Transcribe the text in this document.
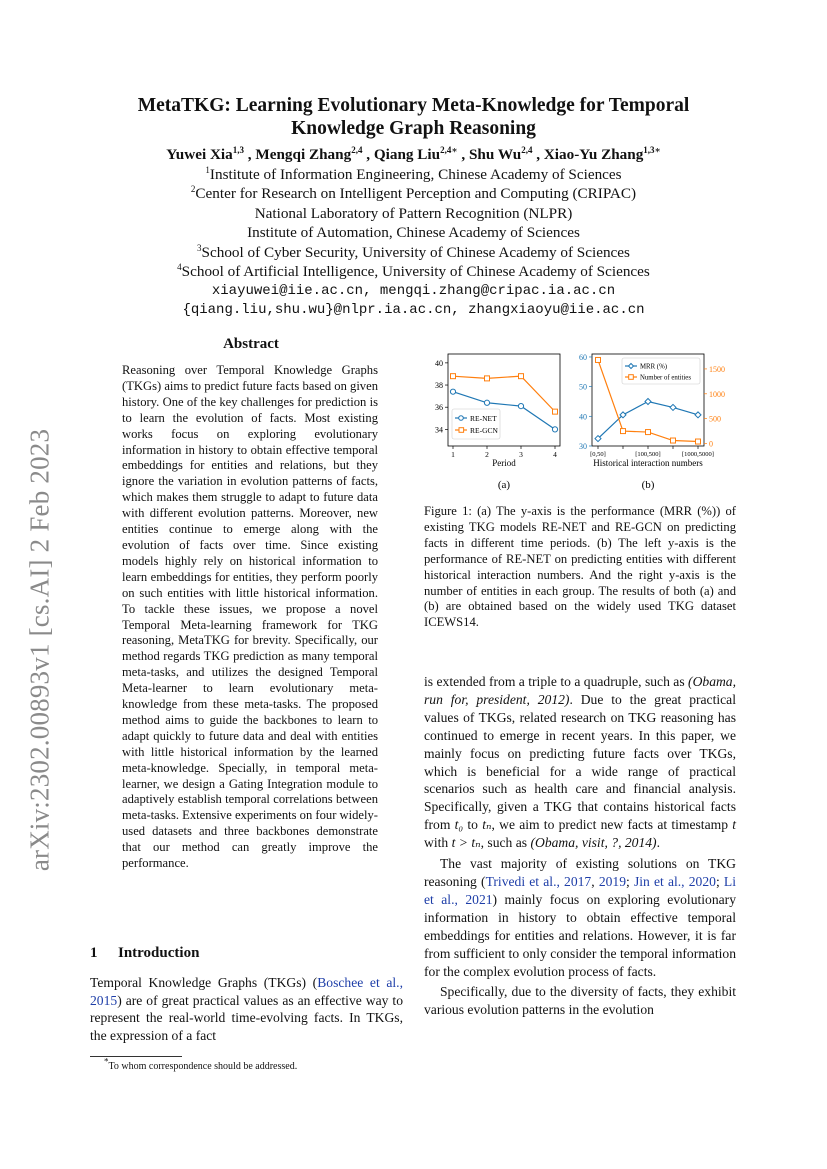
arXiv:2302.00893v1 [cs.AI] 2 Feb 2023
MetaTKG: Learning Evolutionary Meta-Knowledge for Temporal
Knowledge Graph Reasoning
Yuwei Xia$^{1,3}$ , Mengqi Zhang$^{2,4}$ , Qiang Liu$^{2,4∗}$ , Shu Wu$^{2,4}$ , Xiao-Yu Zhang$^{1,3∗}$
$^1$Institute of Information Engineering, Chinese Academy of Sciences
$^2$Center for Research on Intelligent Perception and Computing (CRIPAC)
National Laboratory of Pattern Recognition (NLPR)
Institute of Automation, Chinese Academy of Sciences
$^3$School of Cyber Security, University of Chinese Academy of Sciences
$^4$School of Artificial Intelligence, University of Chinese Academy of Sciences
xiayuwei@iie.ac.cn, mengqi.zhang@cripac.ia.ac.cn
{qiang.liu,shu.wu}@nlpr.ia.ac.cn, zhangxiaoyu@iie.ac.cn
Abstract
Reasoning over Temporal Knowledge Graphs (TKGs) aims to predict future facts based on given history. One of the key challenges for prediction is to learn the evolution of facts. Most existing works focus on exploring evolutionary information in history to obtain effective temporal embeddings for entities and relations, but they ignore the variation in evolution patterns of facts, which makes them struggle to adapt to future data with different evolution patterns. Moreover, new entities continue to emerge along with the evolution of facts over time. Since existing models highly rely on historical information to learn embeddings for entities, they perform poorly on such entities with little historical information. To tackle these issues, we propose a novel Temporal Meta-learning framework for TKG reasoning, MetaTKG for brevity. Specifically, our method regards TKG prediction as many temporal meta-tasks, and utilizes the designed Temporal Meta-learner to learn evolutionary meta-knowledge from these meta-tasks. The proposed method aims to guide the backbones to learn to adapt quickly to future data and deal with entities with little historical information by the learned meta-knowledge. Specially, in temporal meta-learner, we design a Gating Integration module to adaptively establish temporal correlations between meta-tasks. Extensive experiments on four widely-used datasets and three backbones demonstrate that our method can greatly improve the performance.
1 Introduction
Temporal Knowledge Graphs (TKGs) (Boschee et al., 2015) are of great practical values as an effective way to represent the real-world time-evolving facts. In TKGs, the expression of a fact
*To whom correspondence should be addressed.
1	2	3	4
34
36
38
40
RE-NET
RE-GCN
Period
(a)
[0,50]	[100,500]	[1000,5000]
30
40
50
60
0
500
1000
1500
MRR (%)
Number of entities
Historical interaction numbers
(b)
Figure 1: (a) The y-axis is the performance (MRR (%)) of existing TKG models RE-NET and RE-GCN on predicting facts in different time periods. (b) The left y-axis is the performance of RE-NET on predicting entities with different historical interaction numbers. And the right y-axis is the number of entities in each group. The results of both (a) and (b) are obtained based on the widely used TKG dataset ICEWS14.

is extended from a triple to a quadruple, such as (Obama, run for, president, 2012). Due to the great practical values of TKGs, related research on TKG reasoning has continued to emerge in recent years. In this paper, we mainly focus on predicting future facts over TKGs, which is beneficial for a wide range of practical scenarios such as health care and financial analysis. Specifically, given a TKG that contains historical facts from t₀ to tₙ, we aim to predict new facts at timestamp t with t > tₙ, such as (Obama, visit, ?, 2014).

The vast majority of existing solutions on TKG reasoning (Trivedi et al., 2017, 2019; Jin et al., 2020; Li et al., 2021) mainly focus on exploring evolutionary information in history to obtain effective temporal embeddings for entities and relations. However, it is far from sufficient to only consider the temporal information for the complex evolution process of facts.

Specifically, due to the diversity of facts, they exhibit various evolution patterns in the evolution
